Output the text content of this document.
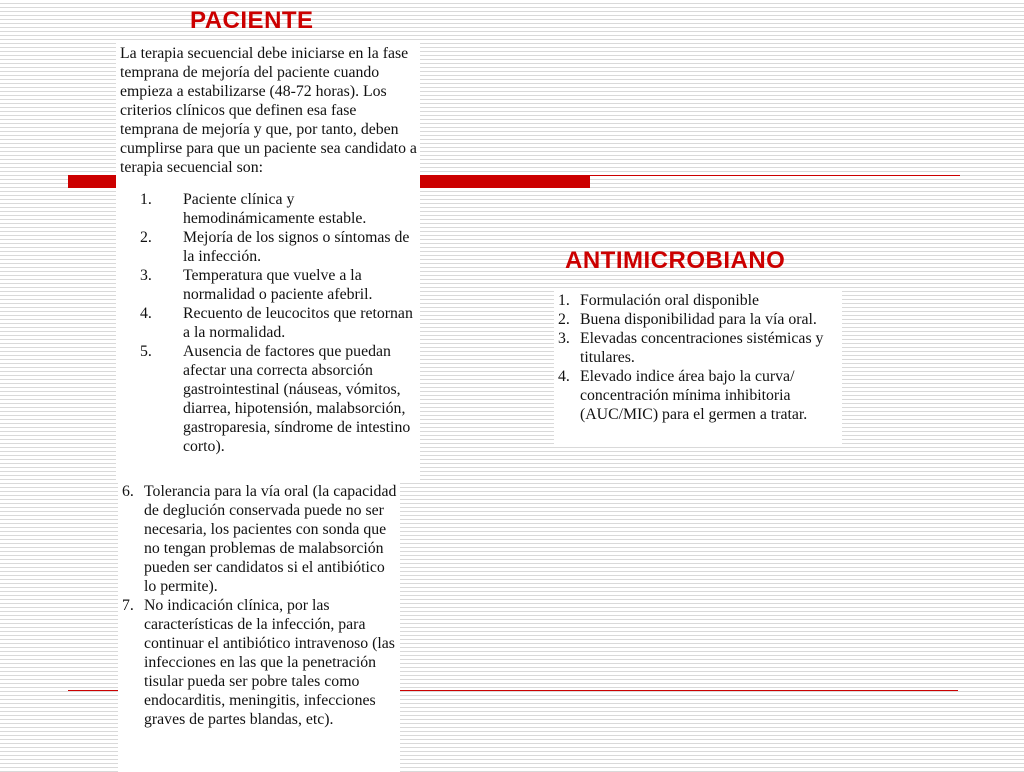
PACIENTE

La terapia secuencial debe iniciarse en la fase temprana de mejoría del paciente cuando empieza a estabilizarse (48-72 horas). Los criterios clínicos que definen esa fase temprana de mejoría y que, por tanto, deben cumplirse para que un paciente sea candidato a terapia secuencial son:

1.	Paciente clínica y hemodinámicamente estable.
2.	Mejoría de los signos o síntomas de la infección.
3.	Temperatura que vuelve a la normalidad o paciente afebril.
4.	Recuento de leucocitos que retornan a la normalidad.
5.	Ausencia de factores que puedan afectar una correcta absorción gastrointestinal (náuseas, vómitos, diarrea, hipotensión, malabsorción, gastroparesia, síndrome de intestino corto).
6. Tolerancia para la vía oral (la capacidad de deglución conservada puede no ser necesaria, los pacientes con sonda que no tengan problemas de malabsorción pueden ser candidatos si el antibiótico lo permite).
7. No indicación clínica, por las características de la infección, para continuar el antibiótico intravenoso (las infecciones en las que la penetración tisular pueda ser pobre tales como endocarditis, meningitis, infecciones graves de partes blandas, etc).
ANTIMICROBIANO
1. Formulación oral disponible
2. Buena disponibilidad para la vía oral.
3. Elevadas concentraciones sistémicas y titulares.
4. Elevado indice área bajo la curva/ concentración mínima inhibitoria (AUC/MIC) para el germen a tratar.
